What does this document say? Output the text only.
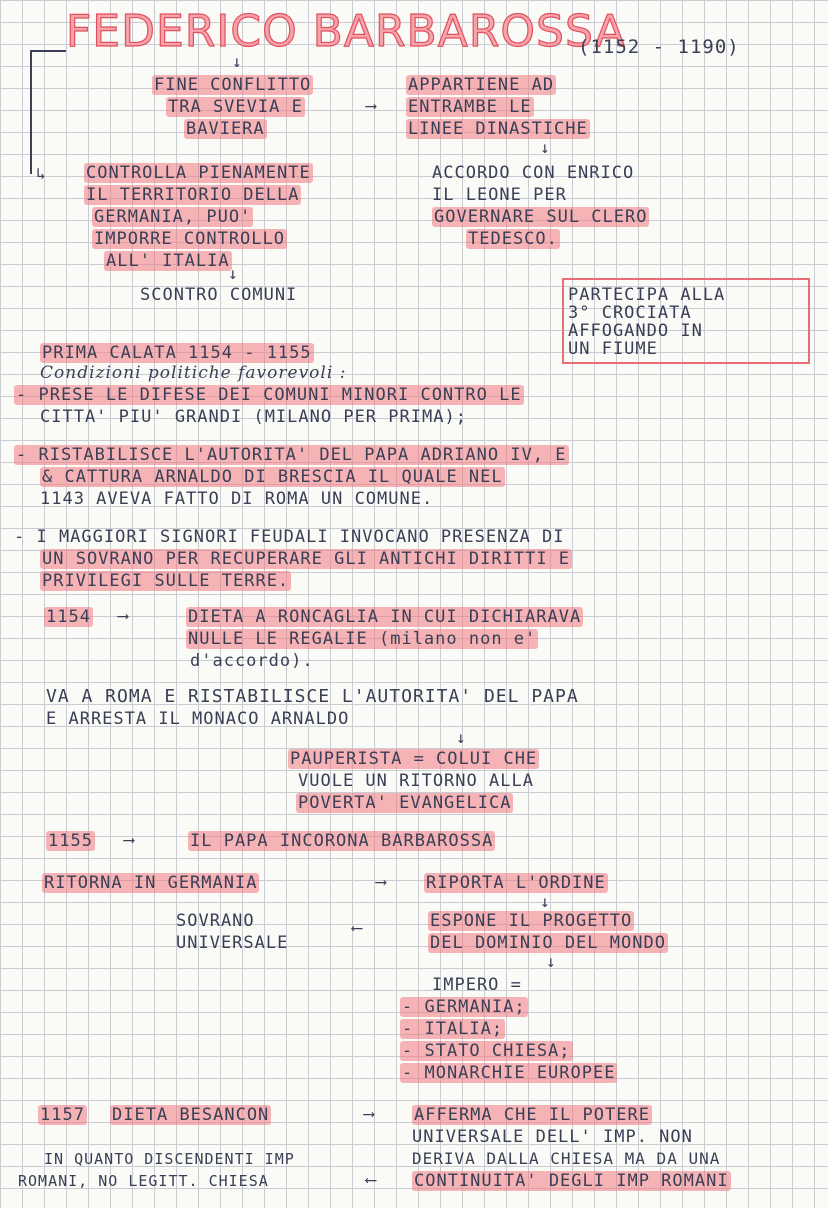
FEDERICO BARBAROSSA
(1152 - 1190)
↓
FINE CONFLITTO
TRA SVEVIA E
BAVIERA
⟶
APPARTIENE AD
ENTRAMBE LE
LINEE DINASTICHE
↓
↳ CONTROLLA PIENAMENTE
IL TERRITORIO DELLA
GERMANIA, PUO'
IMPORRE CONTROLLO
ALL' ITALIA
ACCORDO CON ENRICO
IL LEONE PER
GOVERNARE SUL CLERO
TEDESCO.
↓
SCONTRO COMUNI	PARTECIPA ALLA
3° CROCIATA
AFFOGANDO IN
UN FIUME
PRIMA CALATA 1154 - 1155
Condizioni politiche favorevoli :
- PRESE LE DIFESE DEI COMUNI MINORI CONTRO LE
CITTA' PIU' GRANDI (MILANO PER PRIMA);
- RISTABILISCE L'AUTORITA' DEL PAPA ADRIANO IV, E
& CATTURA ARNALDO DI BRESCIA IL QUALE NEL
1143 AVEVA FATTO DI ROMA UN COMUNE.
- I MAGGIORI SIGNORI FEUDALI INVOCANO PRESENZA DI
UN SOVRANO PER RECUPERARE GLI ANTICHI DIRITTI E
PRIVILEGI SULLE TERRE.
1154 ⟶	DIETA A RONCAGLIA IN CUI DICHIARAVA
NULLE LE REGALIE (milano non e'
d'accordo).
VA A ROMA E RISTABILISCE L'AUTORITA' DEL PAPA
E ARRESTA IL MONACO ARNALDO
↓
PAUPERISTA = COLUI CHE
VUOLE UN RITORNO ALLA
POVERTA' EVANGELICA
1155 ⟶	IL PAPA INCORONA BARBAROSSA
RITORNA IN GERMANIA	⟶ RIPORTA L'ORDINE
↓
SOVRANO
UNIVERSALE
⟵	ESPONE IL PROGETTO
DEL DOMINIO DEL MONDO
↓
IMPERO =
- GERMANIA;
- ITALIA;
- STATO CHIESA;
- MONARCHIE EUROPEE
1157 DIETA BESANCON	⟶ AFFERMA CHE IL POTERE
UNIVERSALE DELL' IMP. NON
DERIVA DALLA CHIESA MA DA UNA
CONTINUITA' DEGLI IMP ROMANI
IN QUANTO DISCENDENTI IMP
ROMANI, NO LEGITT. CHIESA	⟵
